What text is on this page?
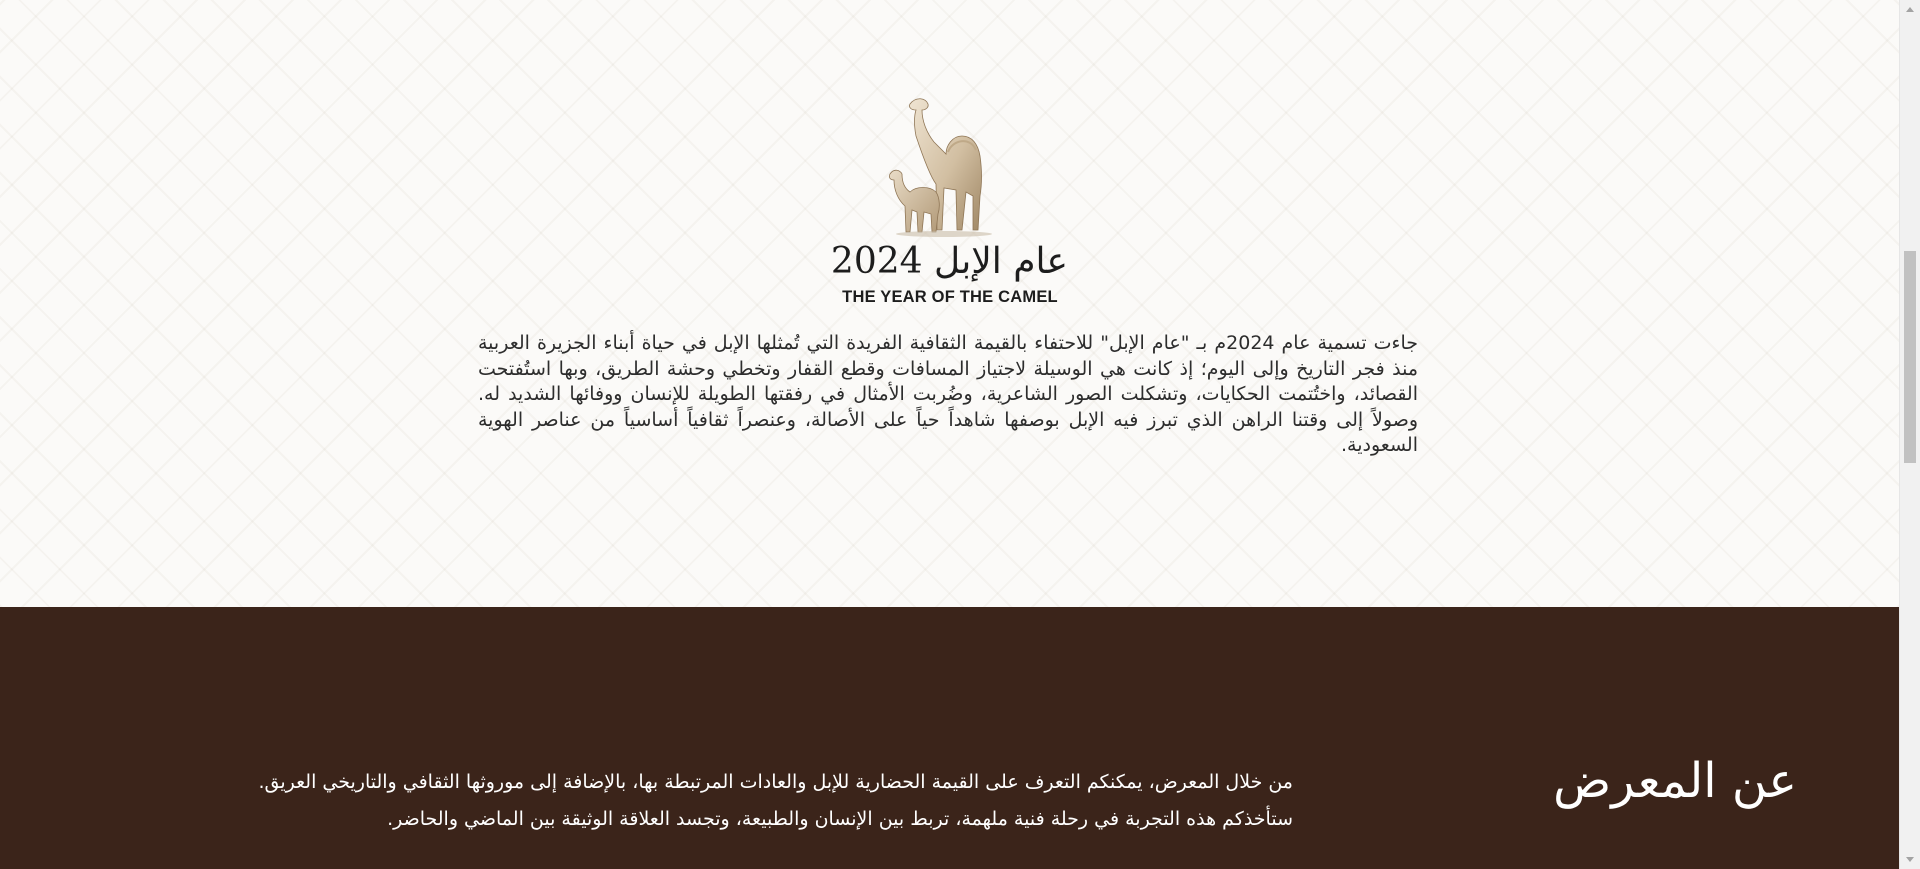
عام الإبل 2024
THE YEAR OF THE CAMEL

جاءت تسمية عام 2024م بـ "عام الإبل" للاحتفاء بالقيمة الثقافية الفريدة التي تُمثلها الإبل في حياة أبناء الجزيرة العربية منذ فجر التاريخ وإلى اليوم؛ إذ كانت هي الوسيلة لاجتياز المسافات وقطع القفار وتخطي وحشة الطريق، وبها استُفتحت القصائد، واختُتمت الحكايات، وتشكلت الصور الشاعرية، وضُربت الأمثال في رفقتها الطويلة للإنسان ووفائها الشديد له. وصولاً إلى وقتنا الراهن الذي تبرز فيه الإبل بوصفها شاهداً حياً على الأصالة، وعنصراً ثقافياً أساسياً من عناصر الهوية السعودية.

عن المعرض

من خلال المعرض، يمكنكم التعرف على القيمة الحضارية للإبل والعادات المرتبطة بها، بالإضافة إلى موروثها الثقافي والتاريخي العريق. ستأخذكم هذه التجربة في رحلة فنية ملهمة، تربط بين الإنسان والطبيعة، وتجسد العلاقة الوثيقة بين الماضي والحاضر.
